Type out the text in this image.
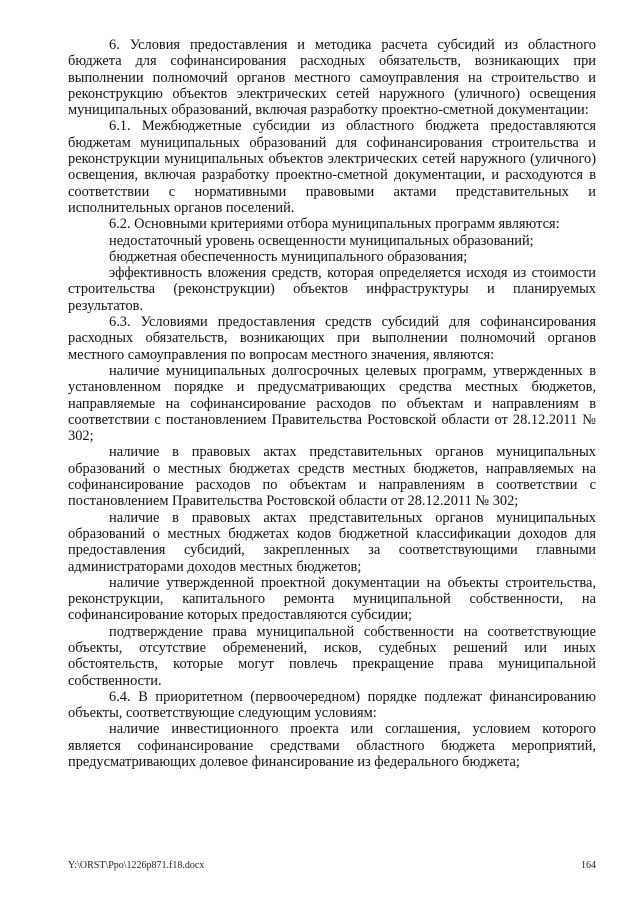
6. Условия предоставления и методика расчета субсидий из областного бюджета для софинансирования расходных обязательств, возникающих при выполнении полномочий органов местного самоуправления на строительство и реконструкцию объектов электрических сетей наружного (уличного) освещения муниципальных образований, включая разработку проектно-сметной документации:

6.1. Межбюджетные субсидии из областного бюджета предоставляются бюджетам муниципальных образований для софинансирования строительства и реконструкции муниципальных объектов электрических сетей наружного (уличного) освещения, включая разработку проектно-сметной документации, и расходуются в соответствии с нормативными правовыми актами представительных и исполнительных органов поселений.

6.2. Основными критериями отбора муниципальных программ являются:

недостаточный уровень освещенности муниципальных образований;

бюджетная обеспеченность муниципального образования;

эффективность вложения средств, которая определяется исходя из стоимости строительства (реконструкции) объектов инфраструктуры и планируемых результатов.

6.3. Условиями предоставления средств субсидий для софинансирования расходных обязательств, возникающих при выполнении полномочий органов местного самоуправления по вопросам местного значения, являются:

наличие муниципальных долгосрочных целевых программ, утвержденных в установленном порядке и предусматривающих средства местных бюджетов, направляемые на софинансирование расходов по объектам и направлениям в соответствии с постановлением Правительства Ростовской области от 28.12.2011 № 302;

наличие в правовых актах представительных органов муниципальных образований о местных бюджетах средств местных бюджетов, направляемых на софинансирование расходов по объектам и направлениям в соответствии с постановлением Правительства Ростовской области от 28.12.2011 № 302;

наличие в правовых актах представительных органов муниципальных образований о местных бюджетах кодов бюджетной классификации доходов для предоставления субсидий, закрепленных за соответствующими главными администраторами доходов местных бюджетов;

наличие утвержденной проектной документации на объекты строительства, реконструкции, капитального ремонта муниципальной собственности, на софинансирование которых предоставляются субсидии;

подтверждение права муниципальной собственности на соответствующие объекты, отсутствие обременений, исков, судебных решений или иных обстоятельств, которые могут повлечь прекращение права муниципальной собственности.

6.4. В приоритетном (первоочередном) порядке подлежат финансированию объекты, соответствующие следующим условиям:

наличие инвестиционного проекта или соглашения, условием которого является софинансирование средствами областного бюджета мероприятий, предусматривающих долевое финансирование из федерального бюджета;

Y:\ORST\Ppo\1226p871.f18.docx	164
